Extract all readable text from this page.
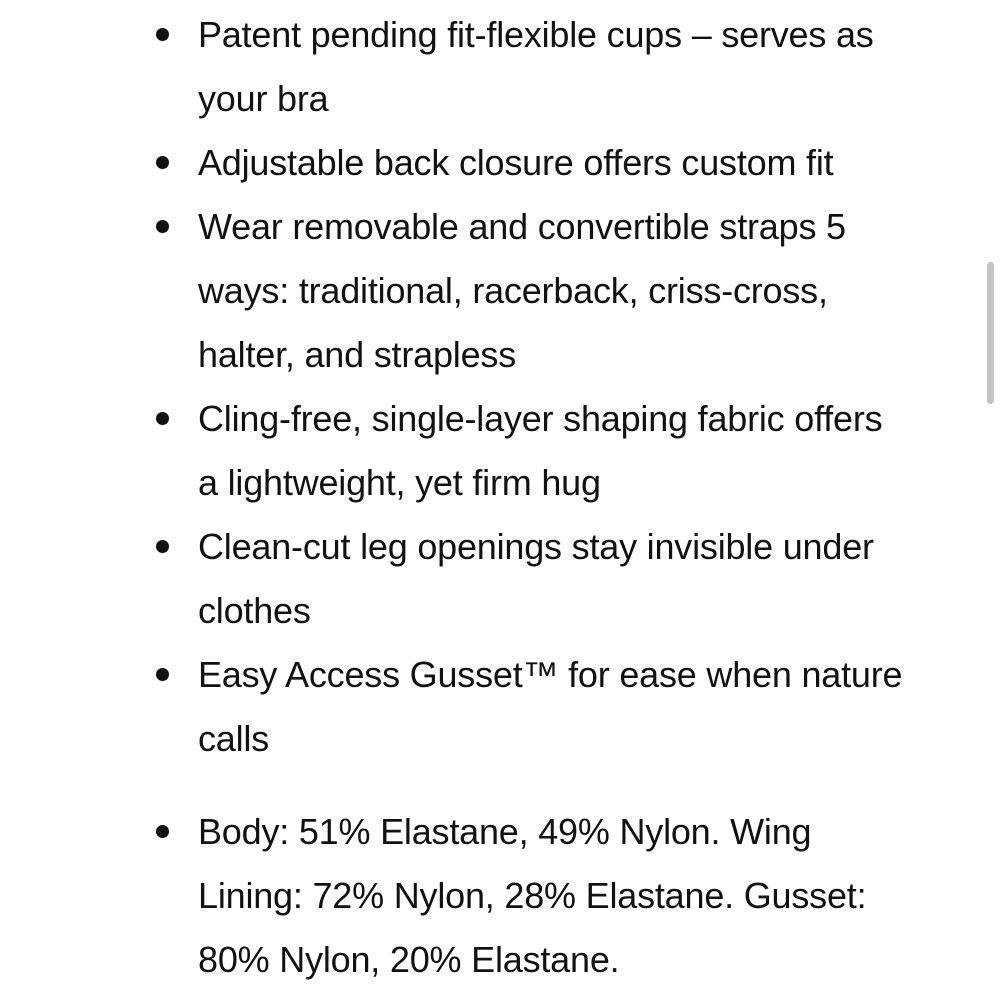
Patent pending fit-flexible cups – serves as your bra
Adjustable back closure offers custom fit
Wear removable and convertible straps 5 ways: traditional, racerback, criss-cross, halter, and strapless
Cling-free, single-layer shaping fabric offers a lightweight, yet firm hug
Clean-cut leg openings stay invisible under clothes
Easy Access Gusset™ for ease when nature calls
Body: 51% Elastane, 49% Nylon. Wing Lining: 72% Nylon, 28% Elastane. Gusset: 80% Nylon, 20% Elastane.
